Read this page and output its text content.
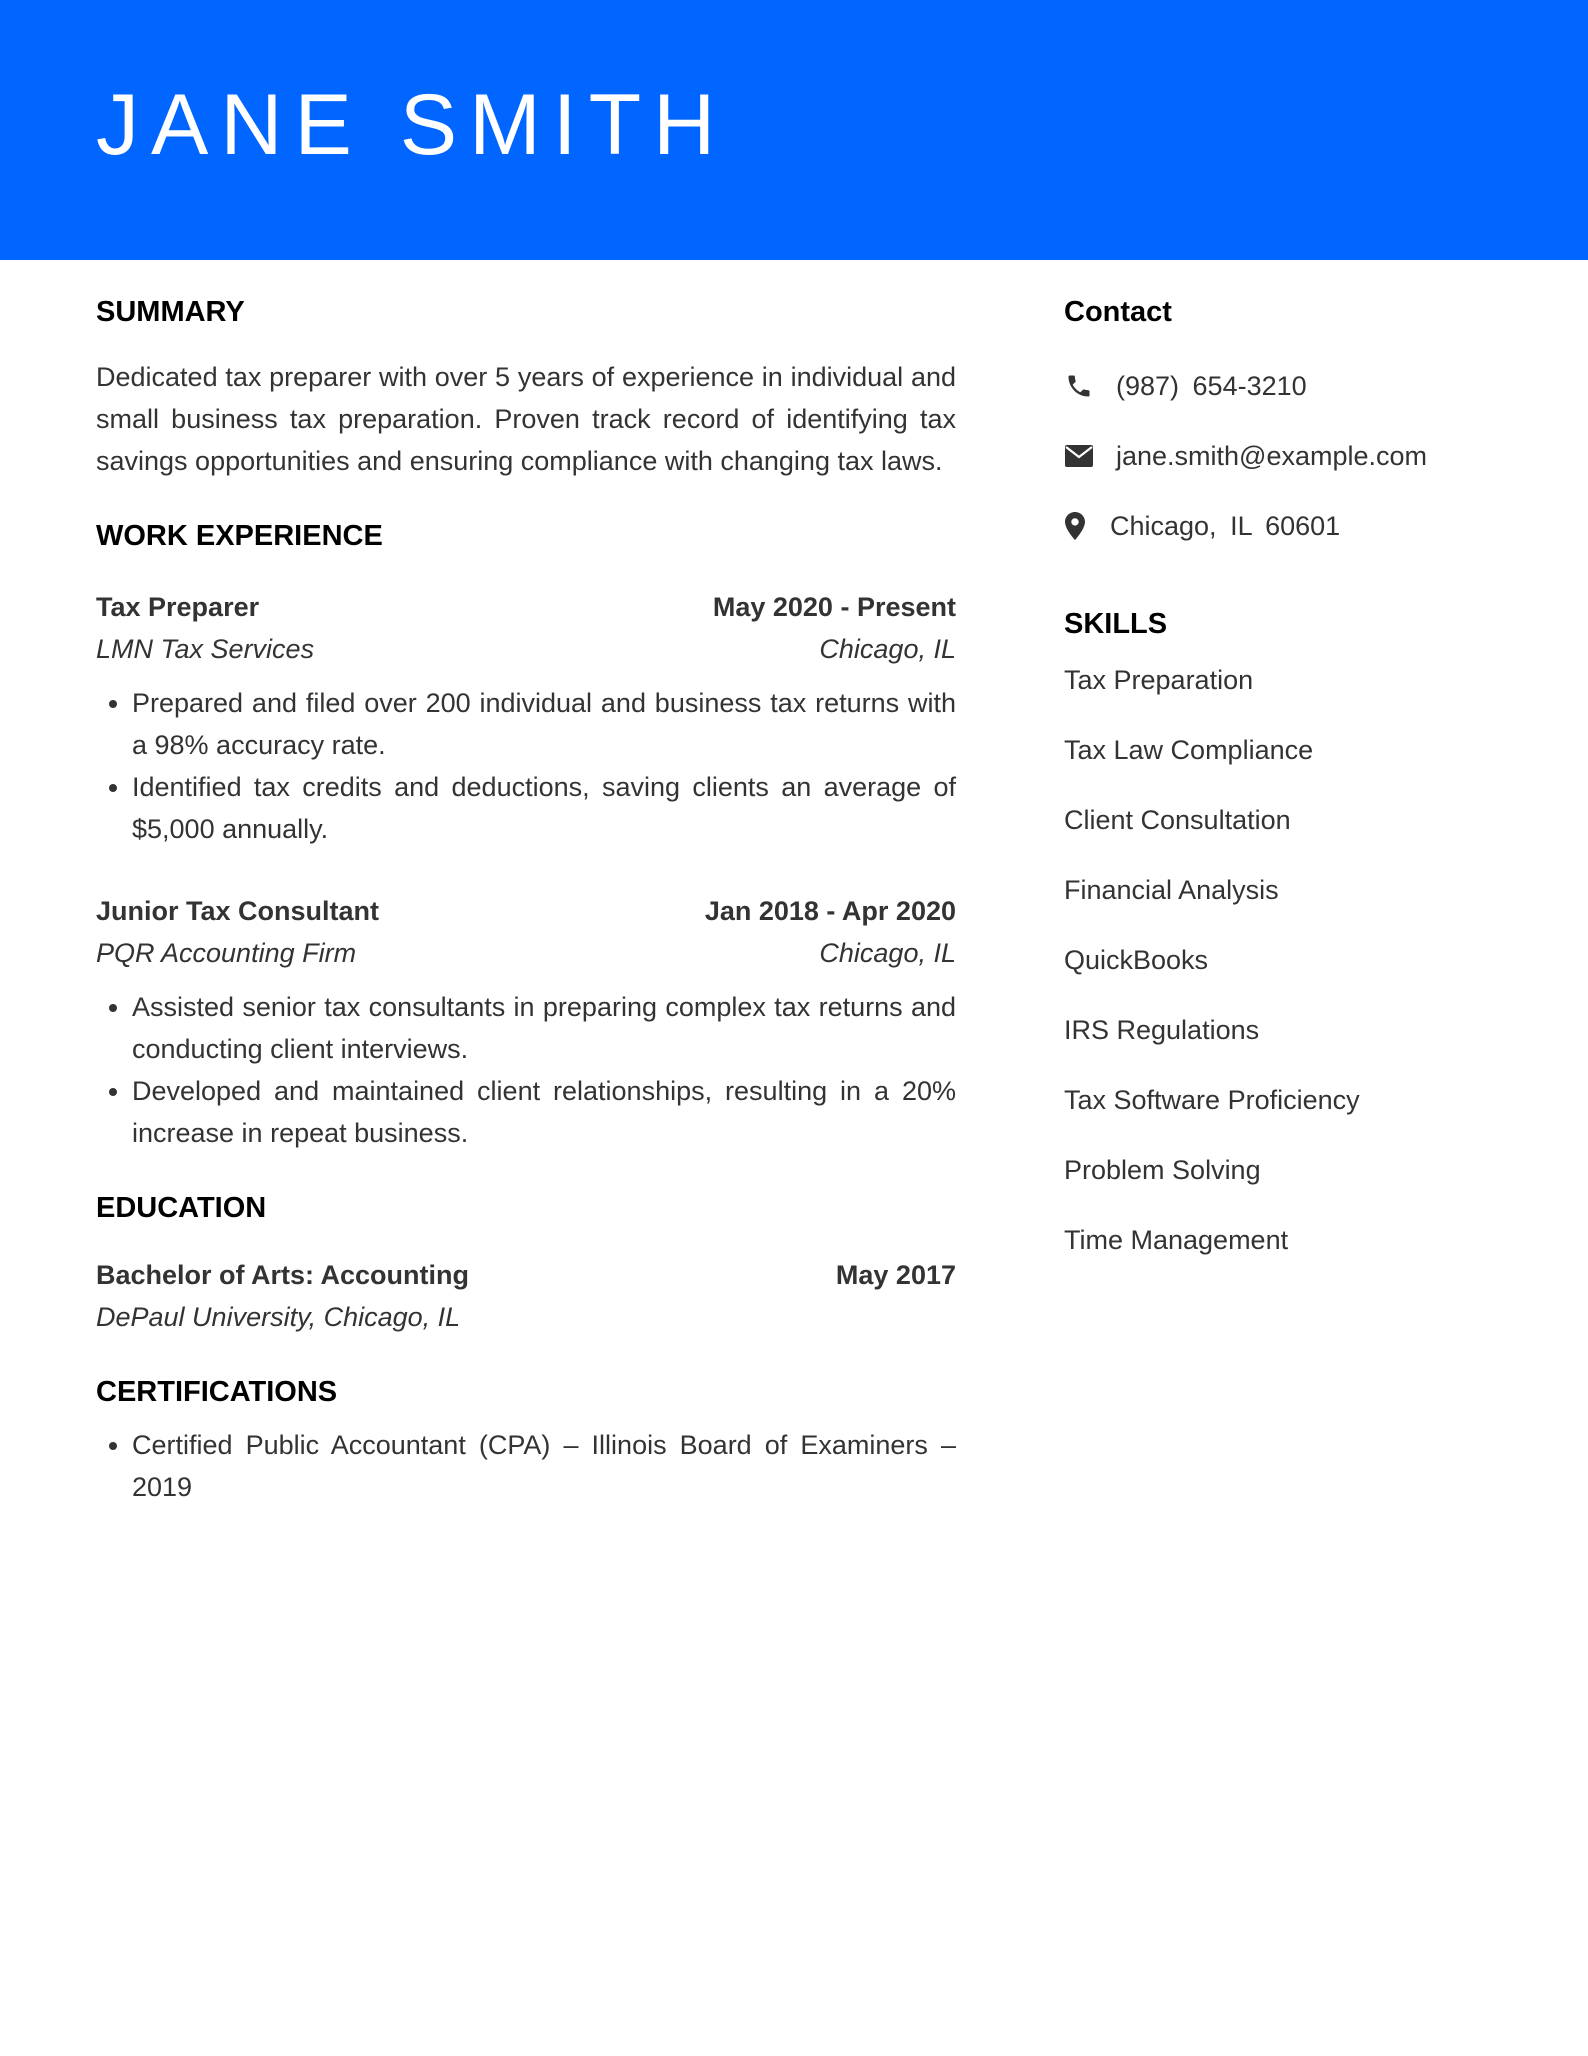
JANE SMITH
SUMMARY

Dedicated tax preparer with over 5 years of experience in individual and small business tax preparation. Proven track record of identifying tax savings opportunities and ensuring compliance with changing tax laws.

WORK EXPERIENCE
Tax Preparer	May 2020 - Present
LMN Tax Services	Chicago, IL
• Prepared and filed over 200 individual and business tax returns with a 98% accuracy rate.
• Identified tax credits and deductions, saving clients an average of $5,000 annually.
Junior Tax Consultant	Jan 2018 - Apr 2020
PQR Accounting Firm	Chicago, IL
• Assisted senior tax consultants in preparing complex tax returns and conducting client interviews.
• Developed and maintained client relationships, resulting in a 20% increase in repeat business.
EDUCATION
Bachelor of Arts: Accounting	May 2017
DePaul University, Chicago, IL
CERTIFICATIONS
• Certified Public Accountant (CPA) – Illinois Board of Examiners – 2019
Contact
(987) 654-3210
jane.smith@example.com
Chicago, IL 60601
SKILLS
Tax Preparation
Tax Law Compliance
Client Consultation
Financial Analysis
QuickBooks
IRS Regulations
Tax Software Proficiency
Problem Solving
Time Management
